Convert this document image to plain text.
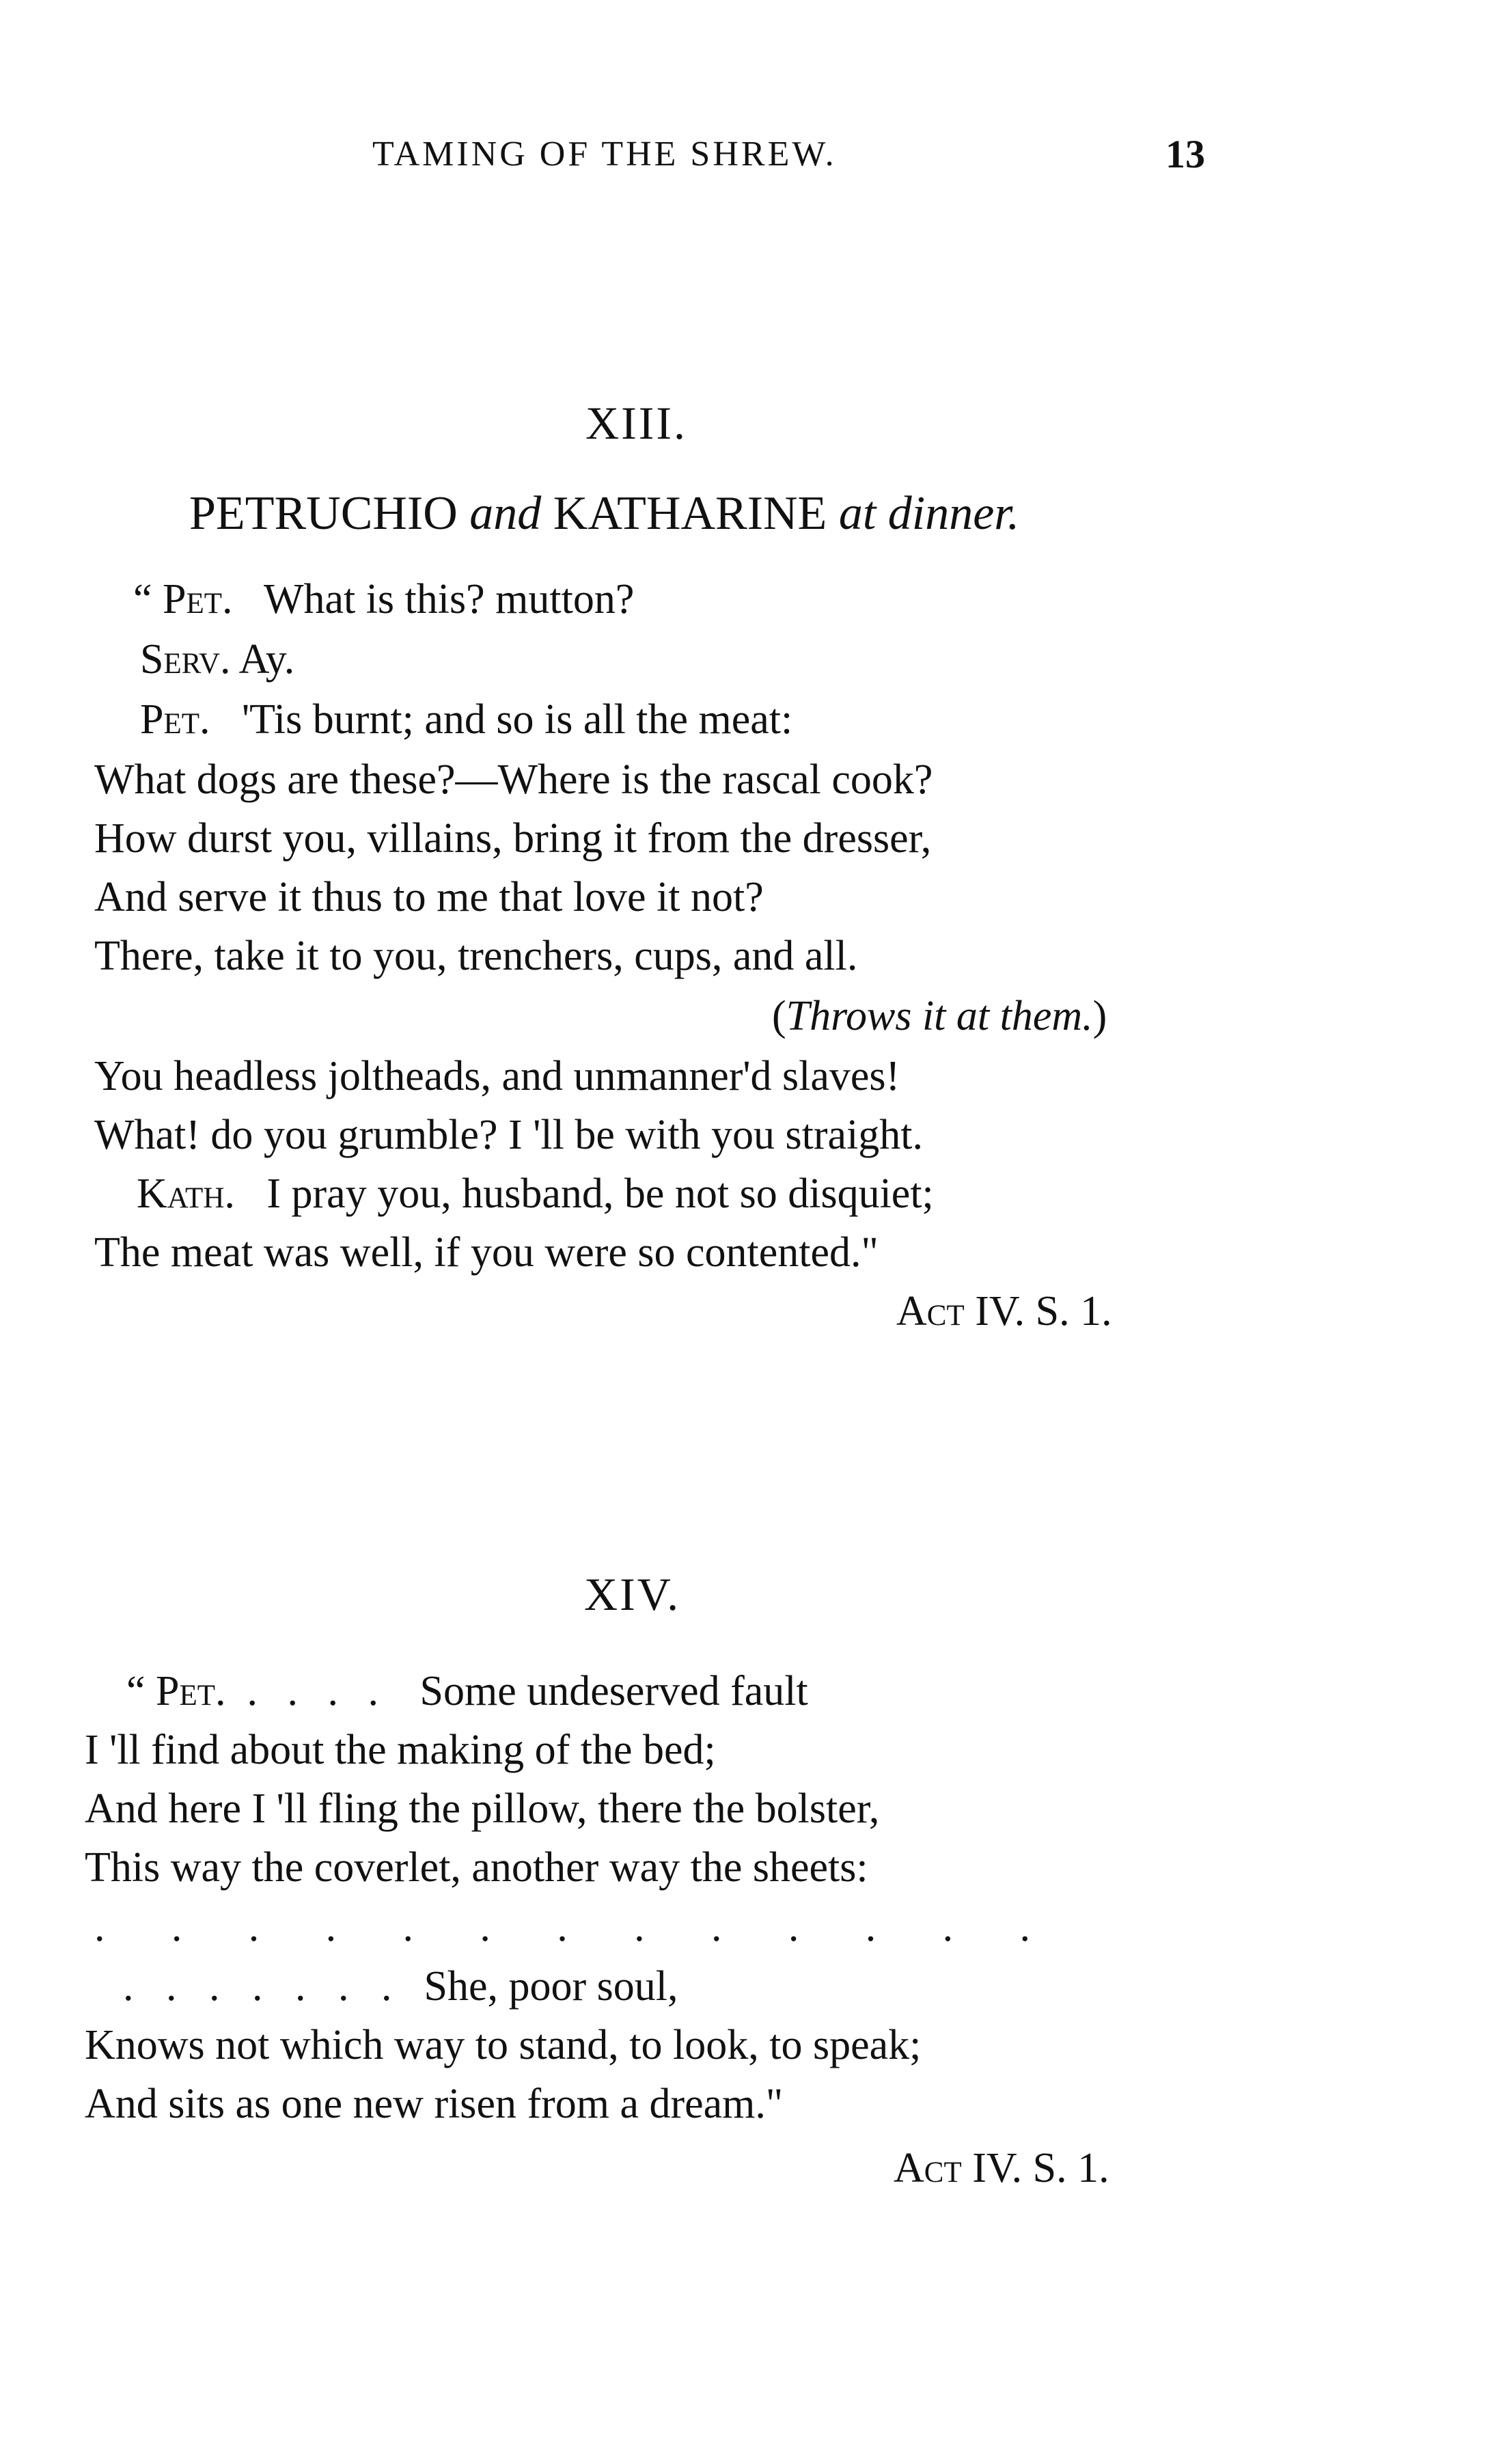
TAMING OF THE SHREW.	13
XIII.
PETRUCHIO and KATHARINE at dinner.
“ Pet. What is this? mutton?
Serv. Ay.
Pet. 'Tis burnt; and so is all the meat:
What dogs are these?—Where is the rascal cook?
How durst you, villains, bring it from the dresser,
And serve it thus to me that love it not?
There, take it to you, trenchers, cups, and all.
(Throws it at them.)
You headless joltheads, and unmanner'd slaves!
What! do you grumble? I 'll be with you straight.
Kath. I pray you, husband, be not so disquiet;
The meat was well, if you were so contented."
Act IV. S. 1.
XIV.
“ Pet. . . . . Some undeserved fault
I 'll find about the making of the bed;
And here I 'll fling the pillow, there the bolster,
This way the coverlet, another way the sheets:
. . . . . . . . . . . . .
. . . . . . . She, poor soul,
Knows not which way to stand, to look, to speak;
And sits as one new risen from a dream."
Act IV. S. 1.
